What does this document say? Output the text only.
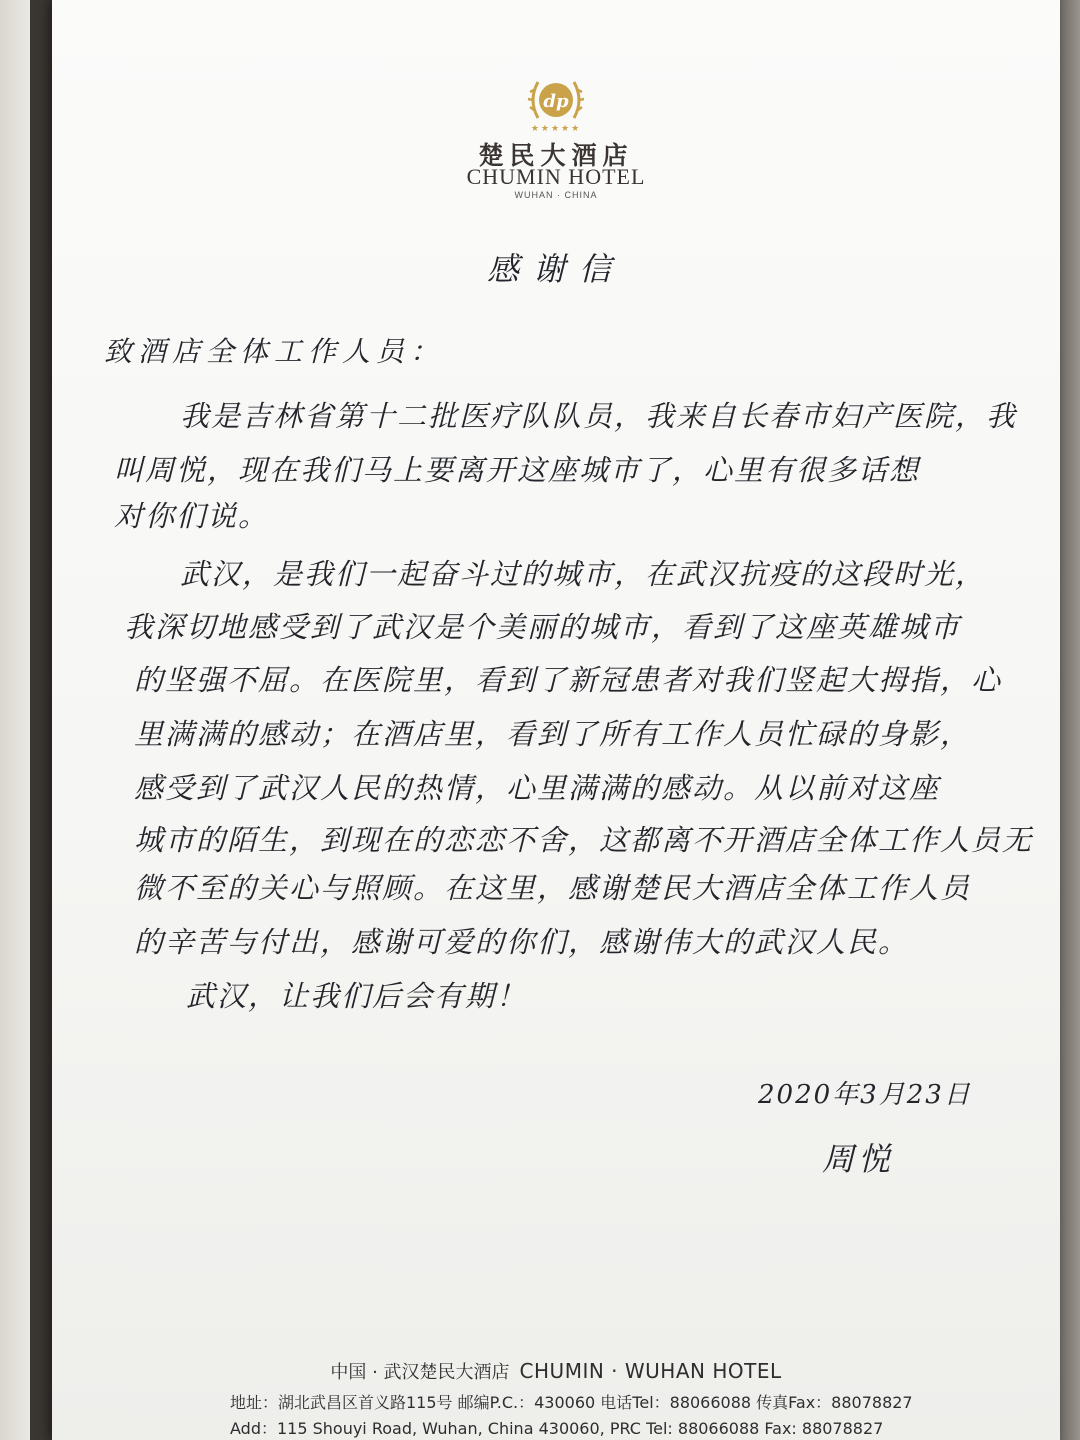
dp
★★★★★
楚民大酒店
CHUMIN HOTEL
WUHAN · CHINA
感谢信
致酒店全体工作人员：
我是吉林省第十二批医疗队队员，我来自长春市妇产医院，我
叫周悦，现在我们马上要离开这座城市了，心里有很多话想
对你们说。
武汉，是我们一起奋斗过的城市，在武汉抗疫的这段时光，
我深切地感受到了武汉是个美丽的城市，看到了这座英雄城市
的坚强不屈。在医院里，看到了新冠患者对我们竖起大拇指，心
里满满的感动；在酒店里，看到了所有工作人员忙碌的身影，
感受到了武汉人民的热情，心里满满的感动。从以前对这座
城市的陌生，到现在的恋恋不舍，这都离不开酒店全体工作人员无
微不至的关心与照顾。在这里，感谢楚民大酒店全体工作人员
的辛苦与付出，感谢可爱的你们，感谢伟大的武汉人民。
武汉，让我们后会有期！
2020年3月23日
周悦
中国 · 武汉楚民大酒店 CHUMIN · WUHAN HOTEL
地址：湖北武昌区首义路115号 邮编P.C.：430060 电话Tel：88066088 传真Fax：88078827
Add：115 Shouyi Road, Wuhan, China 430060, PRC Tel: 88066088 Fax: 88078827
